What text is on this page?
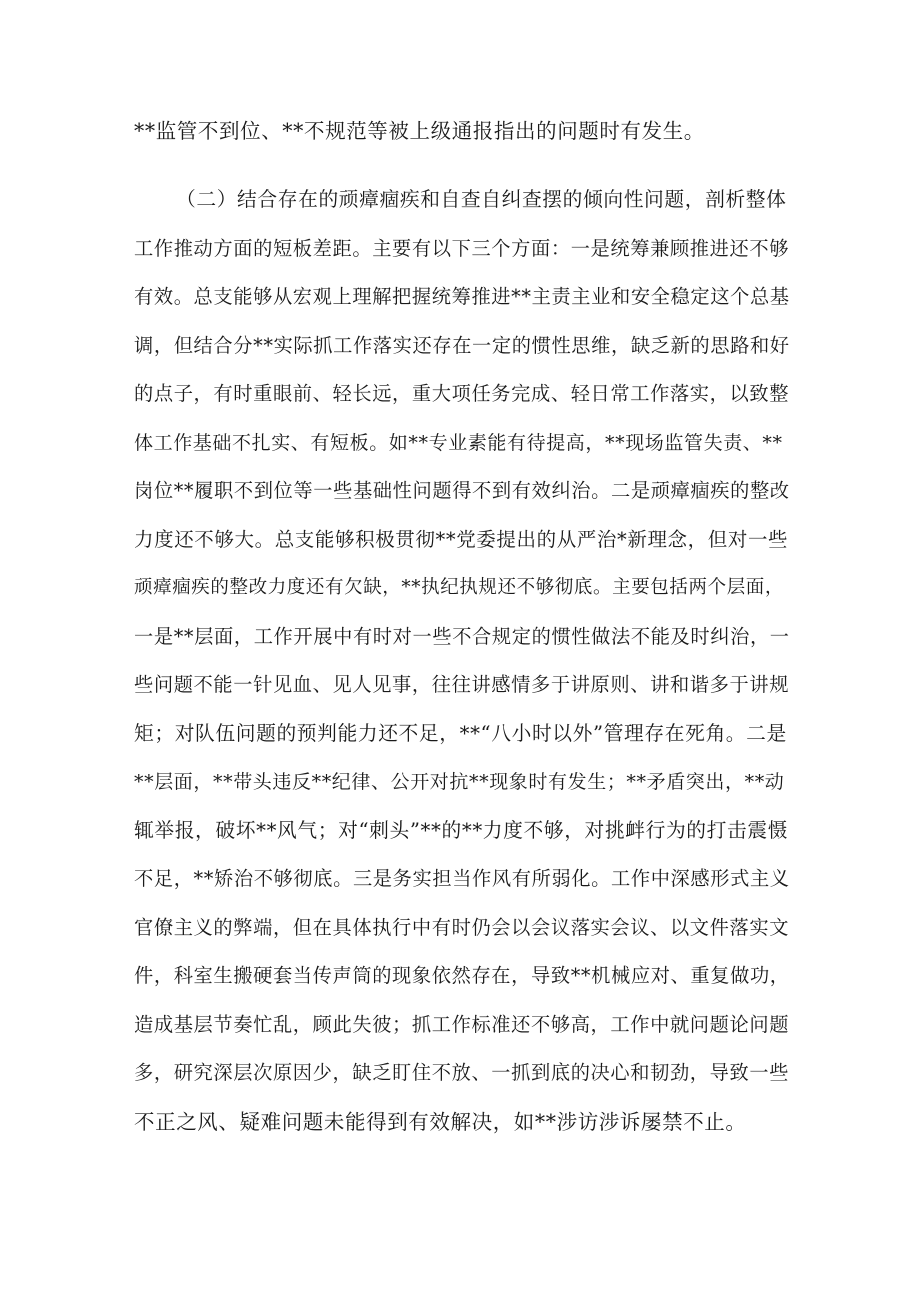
**监管不到位、**不规范等被上级通报指出的问题时有发生。
（二）结合存在的顽瘴痼疾和自查自纠查摆的倾向性问题，剖析整体
工作推动方面的短板差距。主要有以下三个方面：一是统筹兼顾推进还不够
有效。总支能够从宏观上理解把握统筹推进**主责主业和安全稳定这个总基
调，但结合分**实际抓工作落实还存在一定的惯性思维，缺乏新的思路和好
的点子，有时重眼前、轻长远，重大项任务完成、轻日常工作落实，以致整
体工作基础不扎实、有短板。如**专业素能有待提高，**现场监管失责、**
岗位**履职不到位等一些基础性问题得不到有效纠治。二是顽瘴痼疾的整改
力度还不够大。总支能够积极贯彻**党委提出的从严治*新理念，但对一些
顽瘴痼疾的整改力度还有欠缺，**执纪执规还不够彻底。主要包括两个层面，
一是**层面，工作开展中有时对一些不合规定的惯性做法不能及时纠治，一
些问题不能一针见血、见人见事，往往讲感情多于讲原则、讲和谐多于讲规
矩；对队伍问题的预判能力还不足，**“八小时以外”管理存在死角。二是
**层面，**带头违反**纪律、公开对抗**现象时有发生；**矛盾突出，**动
辄举报，破坏**风气；对“刺头”**的**力度不够，对挑衅行为的打击震慑
不足，**矫治不够彻底。三是务实担当作风有所弱化。工作中深感形式主义
官僚主义的弊端，但在具体执行中有时仍会以会议落实会议、以文件落实文
件，科室生搬硬套当传声筒的现象依然存在，导致**机械应对、重复做功，
造成基层节奏忙乱，顾此失彼；抓工作标准还不够高，工作中就问题论问题
多，研究深层次原因少，缺乏盯住不放、一抓到底的决心和韧劲，导致一些
不正之风、疑难问题未能得到有效解决，如**涉访涉诉屡禁不止。
